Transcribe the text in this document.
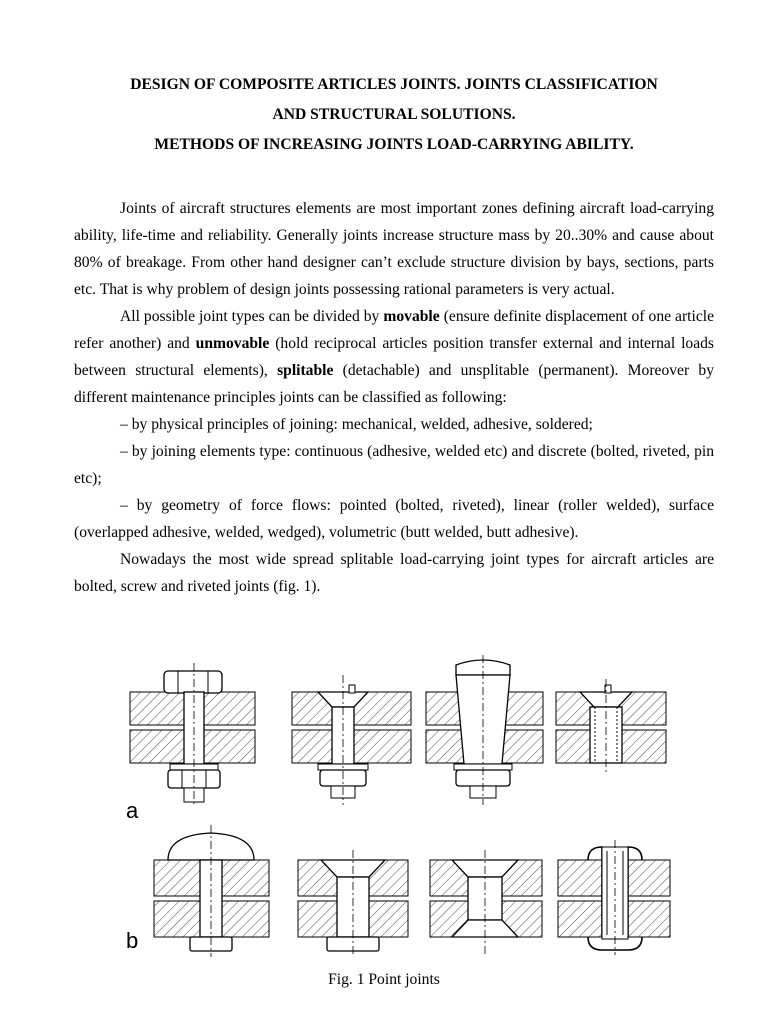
DESIGN OF COMPOSITE ARTICLES JOINTS. JOINTS CLASSIFICATION
AND STRUCTURAL SOLUTIONS.
METHODS OF INCREASING JOINTS LOAD-CARRYING ABILITY.

Joints of aircraft structures elements are most important zones defining aircraft load-carrying ability, life-time and reliability. Generally joints increase structure mass by 20..30% and cause about 80% of breakage. From other hand designer can’t exclude structure division by bays, sections, parts etc. That is why problem of design joints possessing rational parameters is very actual.

All possible joint types can be divided by movable (ensure definite displacement of one article refer another) and unmovable (hold reciprocal articles position transfer external and internal loads between structural elements), splitable (detachable) and unsplitable (permanent). Moreover by different maintenance principles joints can be classified as following:

– by physical principles of joining: mechanical, welded, adhesive, soldered;

– by joining elements type: continuous (adhesive, welded etc) and discrete (bolted, riveted, pin etc);

– by geometry of force flows: pointed (bolted, riveted), linear (roller welded), surface (overlapped adhesive, welded, wedged), volumetric (butt welded, butt adhesive).

Nowadays the most wide spread splitable load-carrying joint types for aircraft articles are bolted, screw and riveted joints (fig. 1).

a
b
Fig. 1 Point joints
